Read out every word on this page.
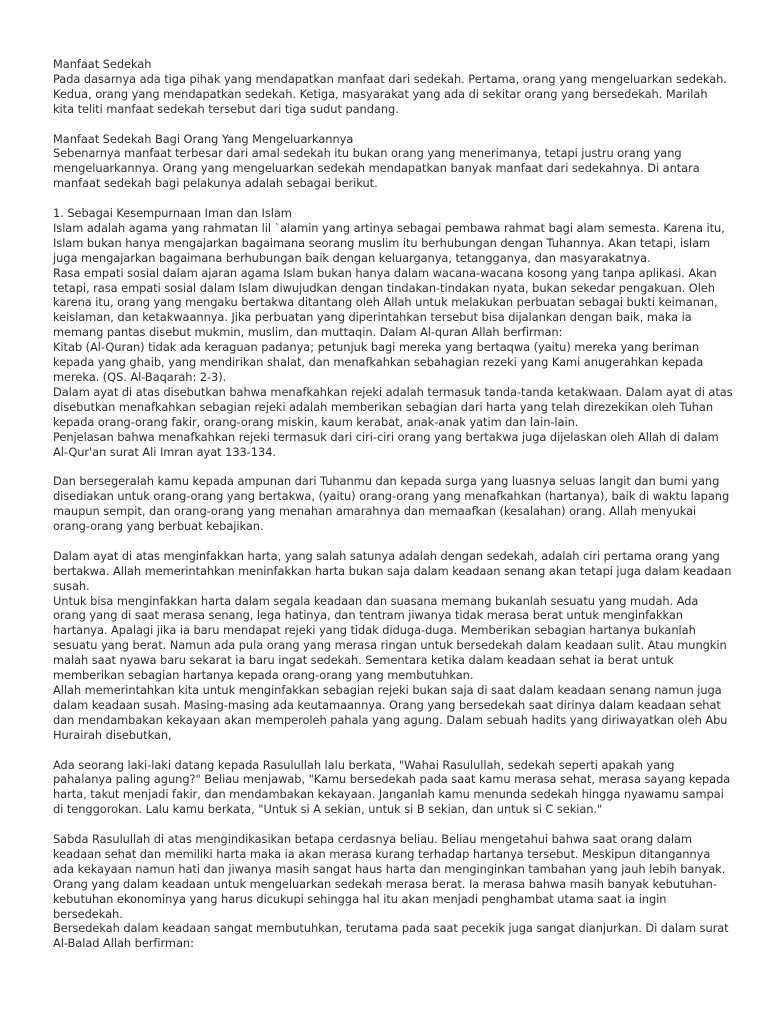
Manfaat Sedekah
Pada dasarnya ada tiga pihak yang mendapatkan manfaat dari sedekah. Pertama, orang yang mengeluarkan sedekah.
Kedua, orang yang mendapatkan sedekah. Ketiga, masyarakat yang ada di sekitar orang yang bersedekah. Marilah
kita teliti manfaat sedekah tersebut dari tiga sudut pandang.
Manfaat Sedekah Bagi Orang Yang Mengeluarkannya
Sebenarnya manfaat terbesar dari amal sedekah itu bukan orang yang menerimanya, tetapi justru orang yang
mengeluarkannya. Orang yang mengeluarkan sedekah mendapatkan banyak manfaat dari sedekahnya. Di antara
manfaat sedekah bagi pelakunya adalah sebagai berikut.
1. Sebagai Kesempurnaan Iman dan Islam
Islam adalah agama yang rahmatan lil `alamin yang artinya sebagai pembawa rahmat bagi alam semesta. Karena itu,
Islam bukan hanya mengajarkan bagaimana seorang muslim itu berhubungan dengan Tuhannya. Akan tetapi, islam
juga mengajarkan bagaimana berhubungan baik dengan keluarganya, tetangganya, dan masyarakatnya.
Rasa empati sosial dalam ajaran agama Islam bukan hanya dalam wacana-wacana kosong yang tanpa aplikasi. Akan
tetapi, rasa empati sosial dalam Islam diwujudkan dengan tindakan-tindakan nyata, bukan sekedar pengakuan. Oleh
karena itu, orang yang mengaku bertakwa ditantang oleh Allah untuk melakukan perbuatan sebagai bukti keimanan,
keislaman, dan ketakwaannya. Jika perbuatan yang diperintahkan tersebut bisa dijalankan dengan baik, maka ia
memang pantas disebut mukmin, muslim, dan muttaqin. Dalam Al-quran Allah berfirman:
Kitab (Al-Quran) tidak ada keraguan padanya; petunjuk bagi mereka yang bertaqwa (yaitu) mereka yang beriman
kepada yang ghaib, yang mendirikan shalat, dan menafkahkan sebahagian rezeki yang Kami anugerahkan kepada
mereka. (QS. Al-Baqarah: 2-3).
Dalam ayat di atas disebutkan bahwa menafkahkan rejeki adalah termasuk tanda-tanda ketakwaan. Dalam ayat di atas
disebutkan menafkahkan sebagian rejeki adalah memberikan sebagian dari harta yang telah direzekikan oleh Tuhan
kepada orang-orang fakir, orang-orang miskin, kaum kerabat, anak-anak yatim dan lain-lain.
Penjelasan bahwa menafkahkan rejeki termasuk dari ciri-ciri orang yang bertakwa juga dijelaskan oleh Allah di dalam
Al-Qur'an surat Ali Imran ayat 133-134.
Dan bersegeralah kamu kepada ampunan dari Tuhanmu dan kepada surga yang luasnya seluas langit dan bumi yang
disediakan untuk orang-orang yang bertakwa, (yaitu) orang-orang yang menafkahkan (hartanya), baik di waktu lapang
maupun sempit, dan orang-orang yang menahan amarahnya dan memaafkan (kesalahan) orang. Allah menyukai
orang-orang yang berbuat kebajikan.
Dalam ayat di atas menginfakkan harta, yang salah satunya adalah dengan sedekah, adalah ciri pertama orang yang
bertakwa. Allah memerintahkan meninfakkan harta bukan saja dalam keadaan senang akan tetapi juga dalam keadaan
susah.
Untuk bisa menginfakkan harta dalam segala keadaan dan suasana memang bukanlah sesuatu yang mudah. Ada
orang yang di saat merasa senang, lega hatinya, dan tentram jiwanya tidak merasa berat untuk menginfakkan
hartanya. Apalagi jika ia baru mendapat rejeki yang tidak diduga-duga. Memberikan sebagian hartanya bukanlah
sesuatu yang berat. Namun ada pula orang yang merasa ringan untuk bersedekah dalam keadaan sulit. Atau mungkin
malah saat nyawa baru sekarat ia baru ingat sedekah. Sementara ketika dalam keadaan sehat ia berat untuk
memberikan sebagian hartanya kepada orang-orang yang membutuhkan.
Allah memerintahkan kita untuk menginfakkan sebagian rejeki bukan saja di saat dalam keadaan senang namun juga
dalam keadaan susah. Masing-masing ada keutamaannya. Orang yang bersedekah saat dirinya dalam keadaan sehat
dan mendambakan kekayaan akan memperoleh pahala yang agung. Dalam sebuah hadits yang diriwayatkan oleh Abu
Hurairah disebutkan,
Ada seorang laki-laki datang kepada Rasulullah lalu berkata, "Wahai Rasulullah, sedekah seperti apakah yang
pahalanya paling agung?" Beliau menjawab, "Kamu bersedekah pada saat kamu merasa sehat, merasa sayang kepada
harta, takut menjadi fakir, dan mendambakan kekayaan. Janganlah kamu menunda sedekah hingga nyawamu sampai
di tenggorokan. Lalu kamu berkata, "Untuk si A sekian, untuk si B sekian, dan untuk si C sekian."
Sabda Rasulullah di atas mengindikasikan betapa cerdasnya beliau. Beliau mengetahui bahwa saat orang dalam
keadaan sehat dan memiliki harta maka ia akan merasa kurang terhadap hartanya tersebut. Meskipun ditangannya
ada kekayaan namun hati dan jiwanya masih sangat haus harta dan menginginkan tambahan yang jauh lebih banyak.
Orang yang dalam keadaan untuk mengeluarkan sedekah merasa berat. Ia merasa bahwa masih banyak kebutuhan-
kebutuhan ekonominya yang harus dicukupi sehingga hal itu akan menjadi penghambat utama saat ia ingin
bersedekah.
Bersedekah dalam keadaan sangat membutuhkan, terutama pada saat pecekik juga sangat dianjurkan. Di dalam surat
Al-Balad Allah berfirman:
